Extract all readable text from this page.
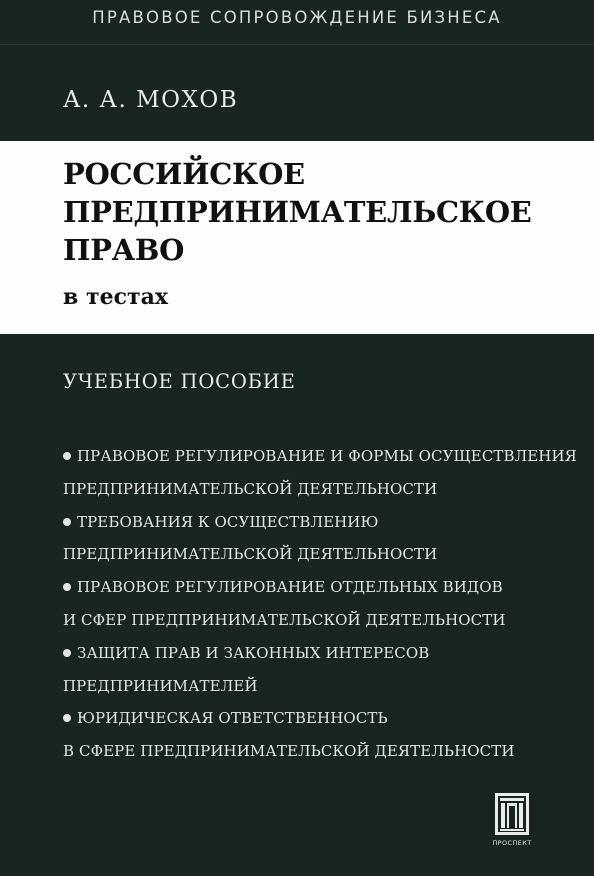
ПРАВОВОЕ СОПРОВОЖДЕНИЕ БИЗНЕСА
А. А. МОХОВ
РОССИЙСКОЕ
ПРЕДПРИНИМАТЕЛЬСКОЕ
ПРАВО
в тестах
УЧЕБНОЕ ПОСОБИЕ
ПРАВОВОЕ РЕГУЛИРОВАНИЕ И ФОРМЫ ОСУЩЕСТВЛЕНИЯ
ПРЕДПРИНИМАТЕЛЬСКОЙ ДЕЯТЕЛЬНОСТИ
ТРЕБОВАНИЯ К ОСУЩЕСТВЛЕНИЮ
ПРЕДПРИНИМАТЕЛЬСКОЙ ДЕЯТЕЛЬНОСТИ
ПРАВОВОЕ РЕГУЛИРОВАНИЕ ОТДЕЛЬНЫХ ВИДОВ
И СФЕР ПРЕДПРИНИМАТЕЛЬСКОЙ ДЕЯТЕЛЬНОСТИ
ЗАЩИТА ПРАВ И ЗАКОННЫХ ИНТЕРЕСОВ
ПРЕДПРИНИМАТЕЛЕЙ
ЮРИДИЧЕСКАЯ ОТВЕТСТВЕННОСТЬ
В СФЕРЕ ПРЕДПРИНИМАТЕЛЬСКОЙ ДЕЯТЕЛЬНОСТИ
ПРОСПЕКТ
